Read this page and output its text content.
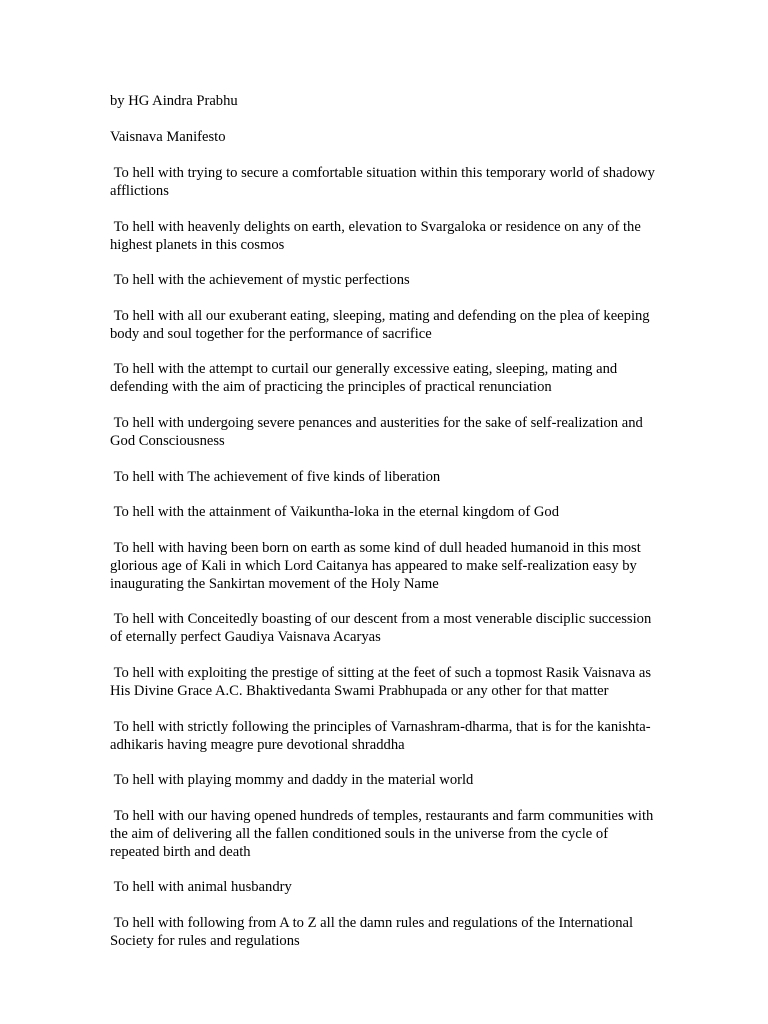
by HG Aindra Prabhu

Vaisnava Manifesto

To hell with trying to secure a comfortable situation within this temporary world of shadowy afflictions

To hell with heavenly delights on earth, elevation to Svargaloka or residence on any of the highest planets in this cosmos

To hell with the achievement of mystic perfections

To hell with all our exuberant eating, sleeping, mating and defending on the plea of keeping body and soul together for the performance of sacrifice

To hell with the attempt to curtail our generally excessive eating, sleeping, mating and defending with the aim of practicing the principles of practical renunciation

To hell with undergoing severe penances and austerities for the sake of self-realization and God Consciousness

To hell with The achievement of five kinds of liberation

To hell with the attainment of Vaikuntha-loka in the eternal kingdom of God

To hell with having been born on earth as some kind of dull headed humanoid in this most glorious age of Kali in which Lord Caitanya has appeared to make self-realization easy by inaugurating the Sankirtan movement of the Holy Name

To hell with Conceitedly boasting of our descent from a most venerable disciplic succession of eternally perfect Gaudiya Vaisnava Acaryas

To hell with exploiting the prestige of sitting at the feet of such a topmost Rasik Vaisnava as His Divine Grace A.C. Bhaktivedanta Swami Prabhupada or any other for that matter

To hell with strictly following the principles of Varnashram-dharma, that is for the kanishta-adhikaris having meagre pure devotional shraddha

To hell with playing mommy and daddy in the material world

To hell with our having opened hundreds of temples, restaurants and farm communities with the aim of delivering all the fallen conditioned souls in the universe from the cycle of repeated birth and death

To hell with animal husbandry

To hell with following from A to Z all the damn rules and regulations of the International Society for rules and regulations
